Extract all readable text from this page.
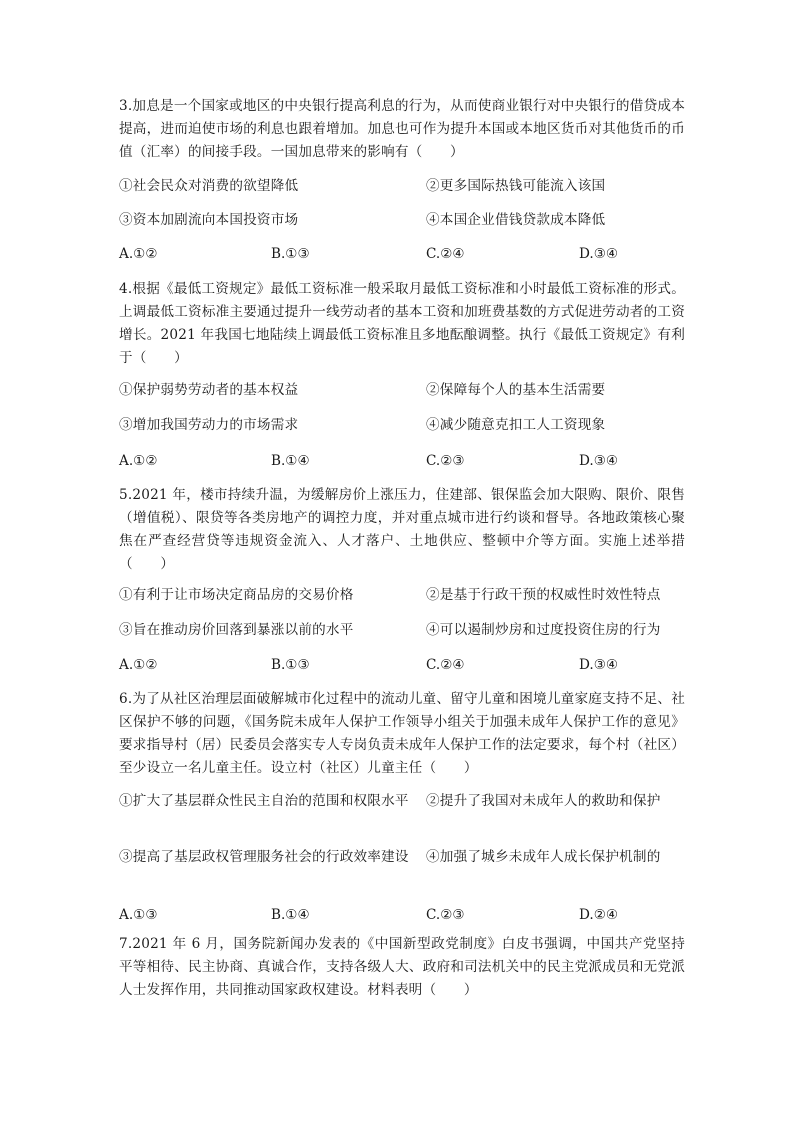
3.加息是一个国家或地区的中央银行提高利息的行为，从而使商业银行对中央银行的借贷成本提高，进而迫使市场的利息也跟着增加。加息也可作为提升本国或本地区货币对其他货币的币值（汇率）的间接手段。一国加息带来的影响有（　　）

①社会民众对消费的欲望降低	②更多国际热钱可能流入该国
③资本加剧流向本国投资市场	④本国企业借钱贷款成本降低
A.①②	B.①③	C.②④	D.③④

4.根据《最低工资规定》最低工资标准一般采取月最低工资标准和小时最低工资标准的形式。上调最低工资标准主要通过提升一线劳动者的基本工资和加班费基数的方式促进劳动者的工资增长。2021 年我国七地陆续上调最低工资标准且多地酝酿调整。执行《最低工资规定》有利于（　　）

①保护弱势劳动者的基本权益	②保障每个人的基本生活需要
③增加我国劳动力的市场需求	④减少随意克扣工人工资现象
A.①②	B.①④	C.②③	D.③④

5.2021 年，楼市持续升温，为缓解房价上涨压力，住建部、银保监会加大限购、限价、限售（增值税）、限贷等各类房地产的调控力度，并对重点城市进行约谈和督导。各地政策核心聚焦在严查经营贷等违规资金流入、人才落户、土地供应、整顿中介等方面。实施上述举措（　　）

①有利于让市场决定商品房的交易价格	②是基于行政干预的权威性时效性特点
③旨在推动房价回落到暴涨以前的水平	④可以遏制炒房和过度投资住房的行为
A.①②	B.①③	C.②④	D.③④

6.为了从社区治理层面破解城市化过程中的流动儿童、留守儿童和困境儿童家庭支持不足、社区保护不够的问题，《国务院未成年人保护工作领导小组关于加强未成年人保护工作的意见》要求指导村（居）民委员会落实专人专岗负责未成年人保护工作的法定要求，每个村（社区）至少设立一名儿童主任。设立村（社区）儿童主任（　　）

①扩大了基层群众性民主自治的范围和权限水平	②提升了我国对未成年人的救助和保护
③提高了基层政权管理服务社会的行政效率建设	④加强了城乡未成年人成长保护机制的
A.①③	B.①④	C.②③	D.②④

7.2021 年 6 月，国务院新闻办发表的《中国新型政党制度》白皮书强调，中国共产党坚持平等相待、民主协商、真诚合作，支持各级人大、政府和司法机关中的民主党派成员和无党派人士发挥作用，共同推动国家政权建设。材料表明（　　）
